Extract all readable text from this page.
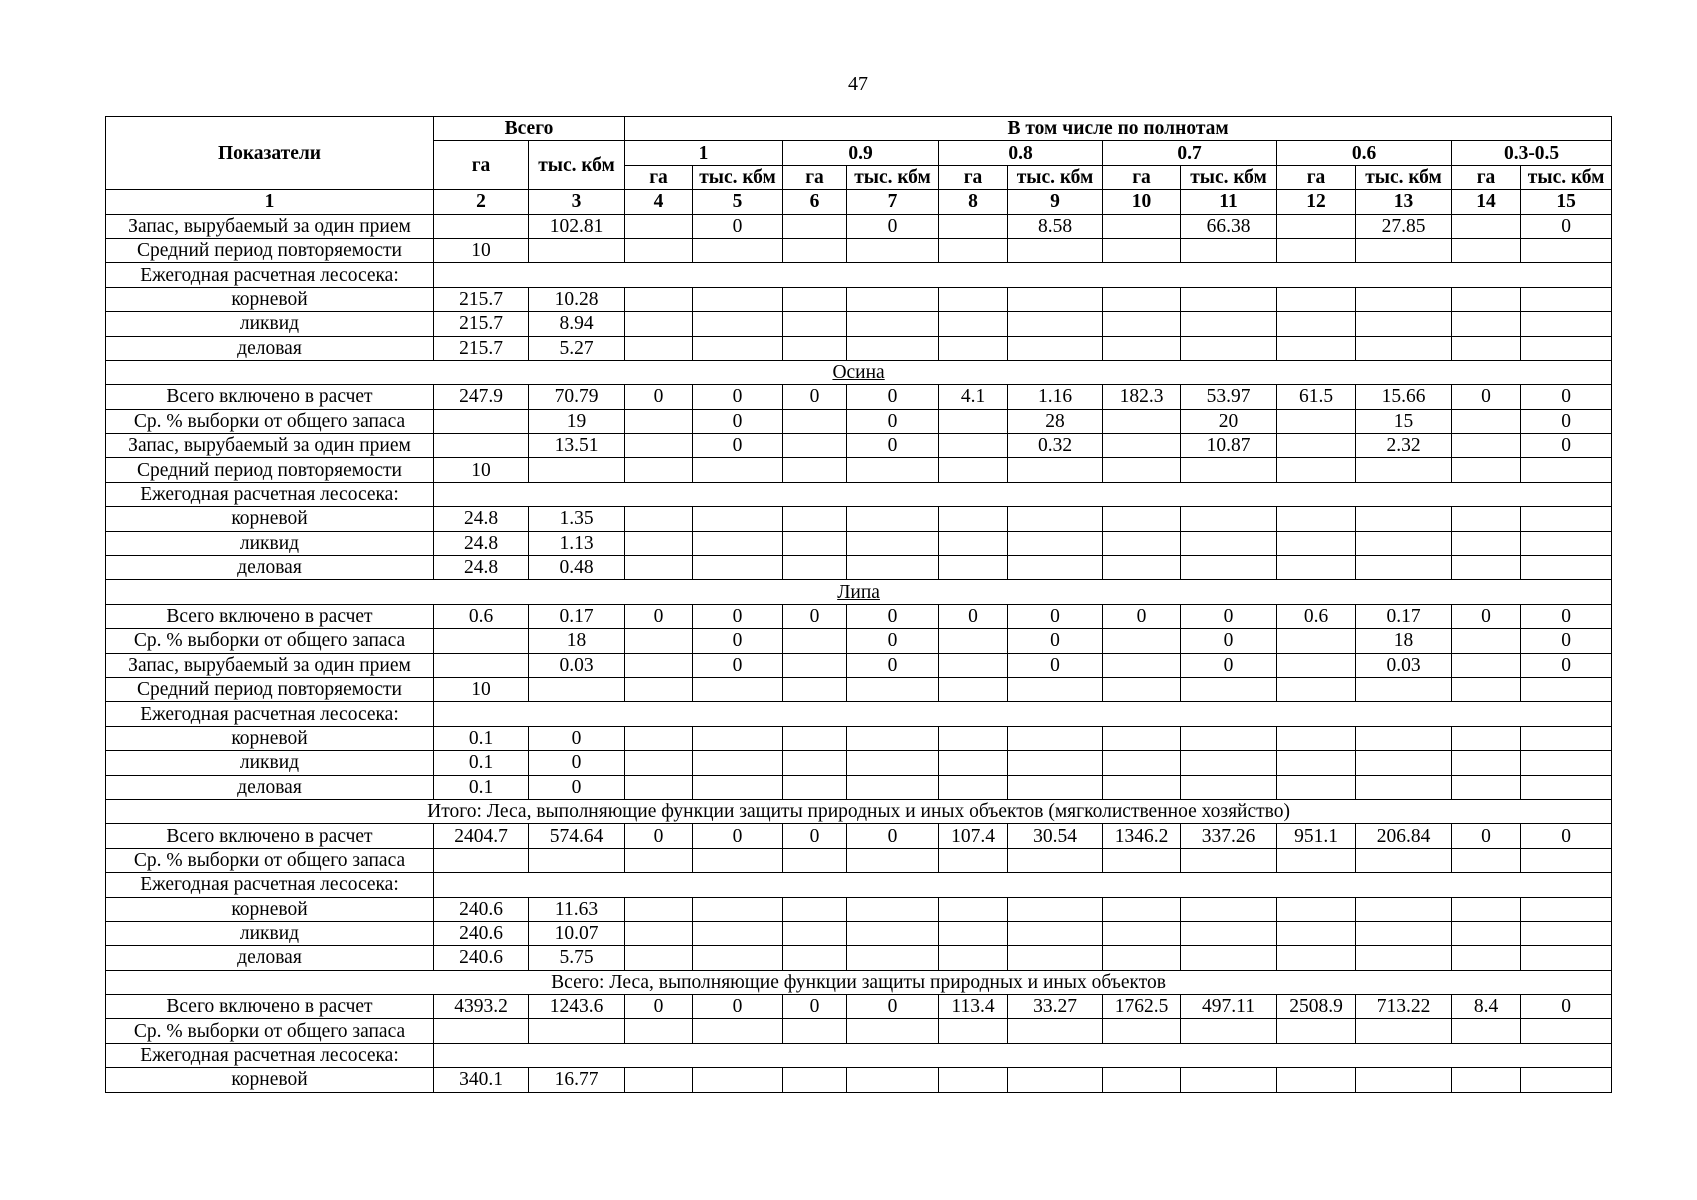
47
Показатели	Всего		В том числе по полнотам											
	га	тыс. кбм	1		0.9		0.8		0.7		0.6		0.3-0.5	
			га	тыс. кбм	га	тыс. кбм	га	тыс. кбм	га	тыс. кбм	га	тыс. кбм	га	тыс. кбм
1	2	3	4	5	6	7	8	9	10	11	12	13	14	15
Запас, вырубаемый за один прием		102.81		0		0		8.58		66.38		27.85		0
Средний период повторяемости	10													
Ежегодная расчетная лесосека:														
корневой	215.7	10.28												
ликвид	215.7	8.94												
деловая	215.7	5.27												
Осина														
Всего включено в расчет	247.9	70.79	0	0	0	0	4.1	1.16	182.3	53.97	61.5	15.66	0	0
Ср. % выборки от общего запаса		19		0		0		28		20		15		0
Запас, вырубаемый за один прием		13.51		0		0		0.32		10.87		2.32		0
Средний период повторяемости	10													
Ежегодная расчетная лесосека:														
корневой	24.8	1.35												
ликвид	24.8	1.13												
деловая	24.8	0.48												
Липа														
Всего включено в расчет	0.6	0.17	0	0	0	0	0	0	0	0	0.6	0.17	0	0
Ср. % выборки от общего запаса		18		0		0		0		0		18		0
Запас, вырубаемый за один прием		0.03		0		0		0		0		0.03		0
Средний период повторяемости	10													
Ежегодная расчетная лесосека:														
корневой	0.1	0												
ликвид	0.1	0												
деловая	0.1	0												
Итого: Леса, выполняющие функции защиты природных и иных объектов (мягколиственное хозяйство)														
Всего включено в расчет	2404.7	574.64	0	0	0	0	107.4	30.54	1346.2	337.26	951.1	206.84	0	0
Ср. % выборки от общего запаса														
Ежегодная расчетная лесосека:														
корневой	240.6	11.63												
ликвид	240.6	10.07												
деловая	240.6	5.75												
Всего: Леса, выполняющие функции защиты природных и иных объектов														
Всего включено в расчет	4393.2	1243.6	0	0	0	0	113.4	33.27	1762.5	497.11	2508.9	713.22	8.4	0
Ср. % выборки от общего запаса														
Ежегодная расчетная лесосека:														
корневой	340.1	16.77												
